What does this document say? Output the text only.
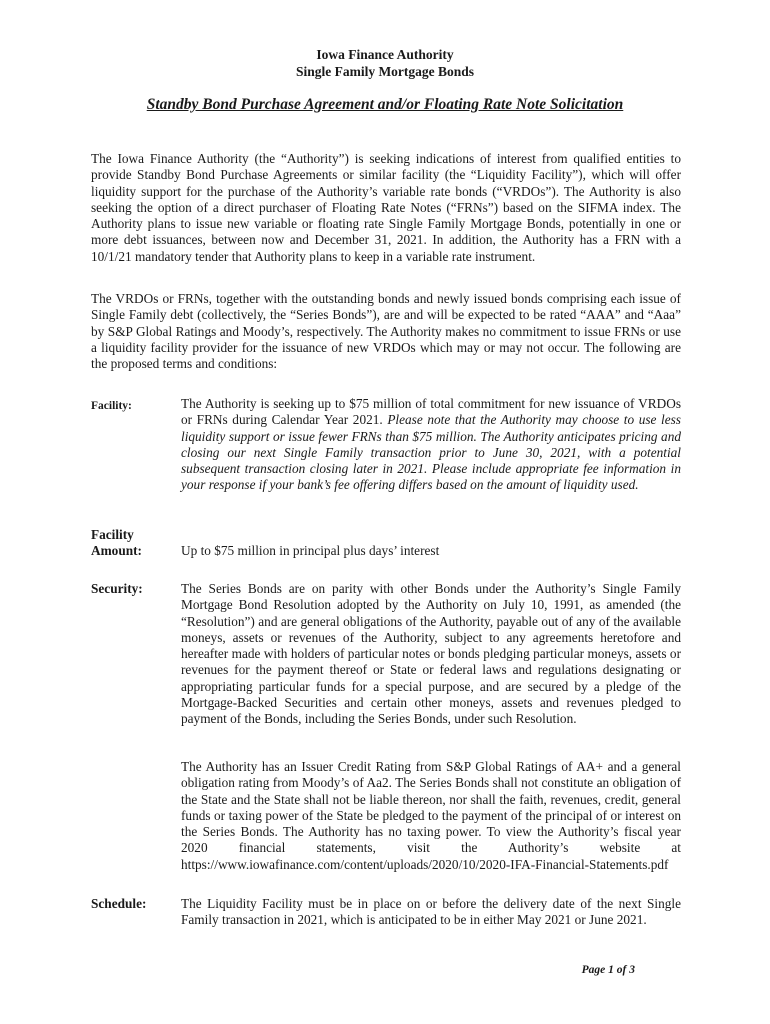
Iowa Finance Authority
Single Family Mortgage Bonds
Standby Bond Purchase Agreement and/or Floating Rate Note Solicitation

The Iowa Finance Authority (the “Authority”) is seeking indications of interest from qualified entities to provide Standby Bond Purchase Agreements or similar facility (the “Liquidity Facility”), which will offer liquidity support for the purchase of the Authority’s variable rate bonds (“VRDOs”). The Authority is also seeking the option of a direct purchaser of Floating Rate Notes (“FRNs”) based on the SIFMA index. The Authority plans to issue new variable or floating rate Single Family Mortgage Bonds, potentially in one or more debt issuances, between now and December 31, 2021. In addition, the Authority has a FRN with a 10/1/21 mandatory tender that Authority plans to keep in a variable rate instrument.

The VRDOs or FRNs, together with the outstanding bonds and newly issued bonds comprising each issue of Single Family debt (collectively, the “Series Bonds”), are and will be expected to be rated “AAA” and “Aaa” by S&P Global Ratings and Moody’s, respectively. The Authority makes no commitment to issue FRNs or use a liquidity facility provider for the issuance of new VRDOs which may or may not occur. The following are the proposed terms and conditions:

Facility:	The Authority is seeking up to $75 million of total commitment for new issuance of VRDOs or FRNs during Calendar Year 2021. Please note that the Authority may choose to use less liquidity support or issue fewer FRNs than $75 million. The Authority anticipates pricing and closing our next Single Family transaction prior to June 30, 2021, with a potential subsequent transaction closing later in 2021. Please include appropriate fee information in your response if your bank’s fee offering differs based on the amount of liquidity used.

Facility
Amount:	Up to $75 million in principal plus days’ interest

Security:	The Series Bonds are on parity with other Bonds under the Authority’s Single Family Mortgage Bond Resolution adopted by the Authority on July 10, 1991, as amended (the “Resolution”) and are general obligations of the Authority, payable out of any of the available moneys, assets or revenues of the Authority, subject to any agreements heretofore and hereafter made with holders of particular notes or bonds pledging particular moneys, assets or revenues for the payment thereof or State or federal laws and regulations designating or appropriating particular funds for a special purpose, and are secured by a pledge of the Mortgage-Backed Securities and certain other moneys, assets and revenues pledged to payment of the Bonds, including the Series Bonds, under such Resolution.

The Authority has an Issuer Credit Rating from S&P Global Ratings of AA+ and a general obligation rating from Moody’s of Aa2. The Series Bonds shall not constitute an obligation of the State and the State shall not be liable thereon, nor shall the faith, revenues, credit, general funds or taxing power of the State be pledged to the payment of the principal of or interest on the Series Bonds. The Authority has no taxing power. To view the Authority’s fiscal year 2020 financial statements, visit the Authority’s website at https://www.iowafinance.com/content/uploads/2020/10/2020-IFA-Financial-Statements.pdf

Schedule:	The Liquidity Facility must be in place on or before the delivery date of the next Single Family transaction in 2021, which is anticipated to be in either May 2021 or June 2021.

Page 1 of 3
